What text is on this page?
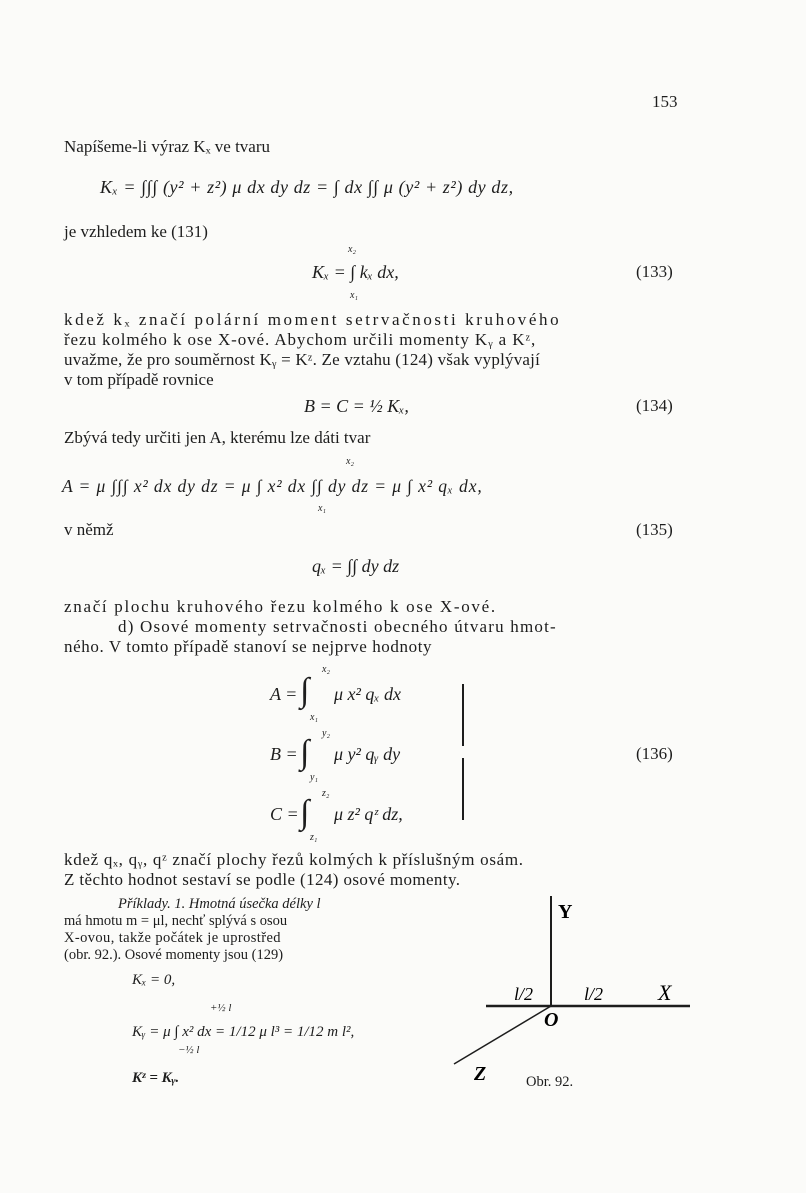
153
Napíšeme-li výraz Kₓ ve tvaru
Kₓ = ∫∫∫ (y² + z²) μ dx dy dz = ∫ dx ∫∫ μ (y² + z²) dy dz,
je vzhledem ke (131)
x₂
Kₓ = ∫ kₓ dx,
x₁
(133)
kdež kₓ značí polární moment setrvačnosti kruhového
řezu kolmého k ose X-ové. Abychom určili momenty Kᵧ a Kᶻ,
uvažme, že pro souměrnost Kᵧ = Kᶻ. Ze vztahu (124) však vyplývají
v tom případě rovnice
B = C = ½ Kₓ,	(134)
Zbývá tedy určiti jen A, kterému lze dáti tvar
x₂
A = μ ∫∫∫ x² dx dy dz = μ ∫ x² dx ∫∫ dy dz = μ ∫ x² qₓ dx,
x₁
v němž
qₓ = ∫∫ dy dz
(135)
značí plochu kruhového řezu kolmého k ose X-ové.
d) Osové momenty setrvačnosti obecného útvaru hmot-
ného. V tomto případě stanoví se nejprve hodnoty
x₂
A = ∫ μ x² qₓ dx
x₁
y₂
B = ∫ μ y² qᵧ dy
y₁
z₂
C = ∫ μ z² qᶻ dz,
z₁
(136)
kdež qₓ, qᵧ, qᶻ značí plochy řezů kolmých k příslušným osám.
Z těchto hodnot sestaví se podle (124) osové momenty.
Příklady. 1. Hmotná úsečka délky l
má hmotu m = μl, nechť splývá s osou
X-ovou, takže počátek je uprostřed
(obr. 92.). Osové momenty jsou (129)
Kₓ = 0,
+½ l
Kᵧ = μ ∫ x² dx = 1/12 μ l³ = 1/12 m l²,
−½ l
Kᶻ = Kᵧ.
Y
X
Z
O
l/2	l/2
Obr. 92.
